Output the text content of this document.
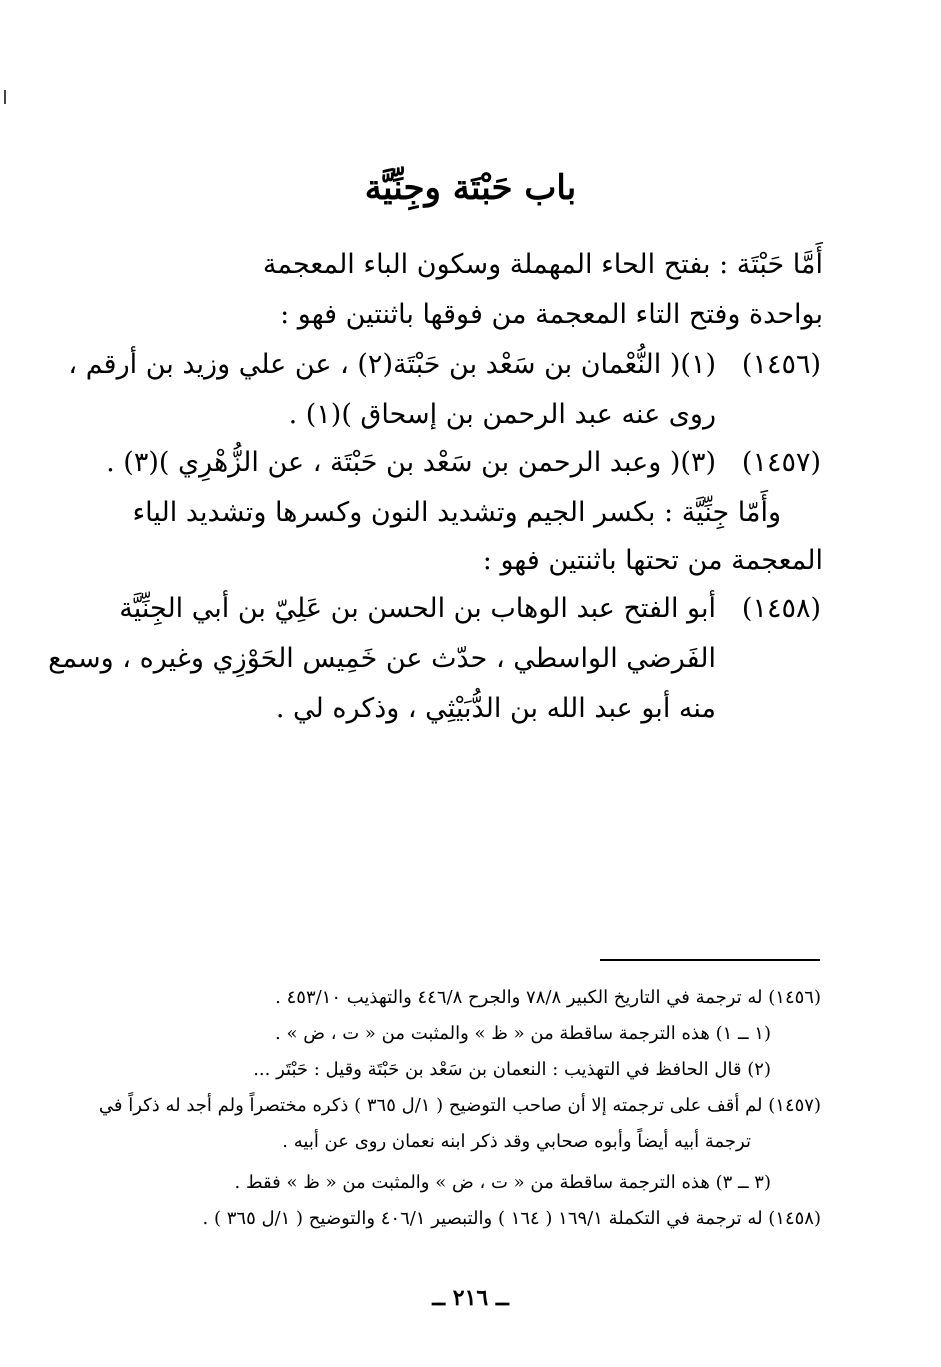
باب حَبْتَة وجِنِّيَّة
أَمَّا حَبْتَة : بفتح الحاء المهملة وسكون الباء المعجمة
بواحدة وفتح التاء المعجمة من فوقها باثنتين فهو :
(١٤٥٦)
(١)( النُّعْمان بن سَعْد بن حَبْتَة(٢) ، عن علي وزيد بن أرقم ،
روى عنه عبد الرحمن بن إسحاق )(١) .
(١٤٥٧)
(٣)( وعبد الرحمن بن سَعْد بن حَبْتَة ، عن الزُّهْرِي )(٣) .
وأَمّا جِنِّيَّة : بكسر الجيم وتشديد النون وكسرها وتشديد الياء
المعجمة من تحتها باثنتين فهو :
(١٤٥٨)
أبو الفتح عبد الوهاب بن الحسن بن عَلِيّ بن أبي الجِنِّيَّة
الفَرضي الواسطي ، حدّث عن خَمِيس الحَوْزِي وغيره ، وسمع
منه أبو عبد الله بن الدُّبَيْثِي ، وذكره لي .
(١٤٥٦) له ترجمة في التاريخ الكبير ٧٨/٨ والجرح ٤٤٦/٨ والتهذيب ٤٥٣/١٠ .
(١ ــ ١) هذه الترجمة ساقطة من « ظ » والمثبت من « ت ، ض » .
(٢) قال الحافظ في التهذيب : النعمان بن سَعْد بن حَبْتَة وقيل : حَبْتَر ...
(١٤٥٧) لم أقف على ترجمته إلا أن صاحب التوضيح ( ١/ل ٣٦٥ ) ذكره مختصراً ولم أجد له ذكراً في
ترجمة أبيه أيضاً وأبوه صحابي وقد ذكر ابنه نعمان روى عن أبيه .
(٣ ــ ٣) هذه الترجمة ساقطة من « ت ، ض » والمثبت من « ظ » فقط .
(١٤٥٨) له ترجمة في التكملة ١٦٩/١ ( ١٦٤ ) والتبصير ٤٠٦/١ والتوضيح ( ١/ل ٣٦٥ ) .
ــ ٢١٦ ــ
